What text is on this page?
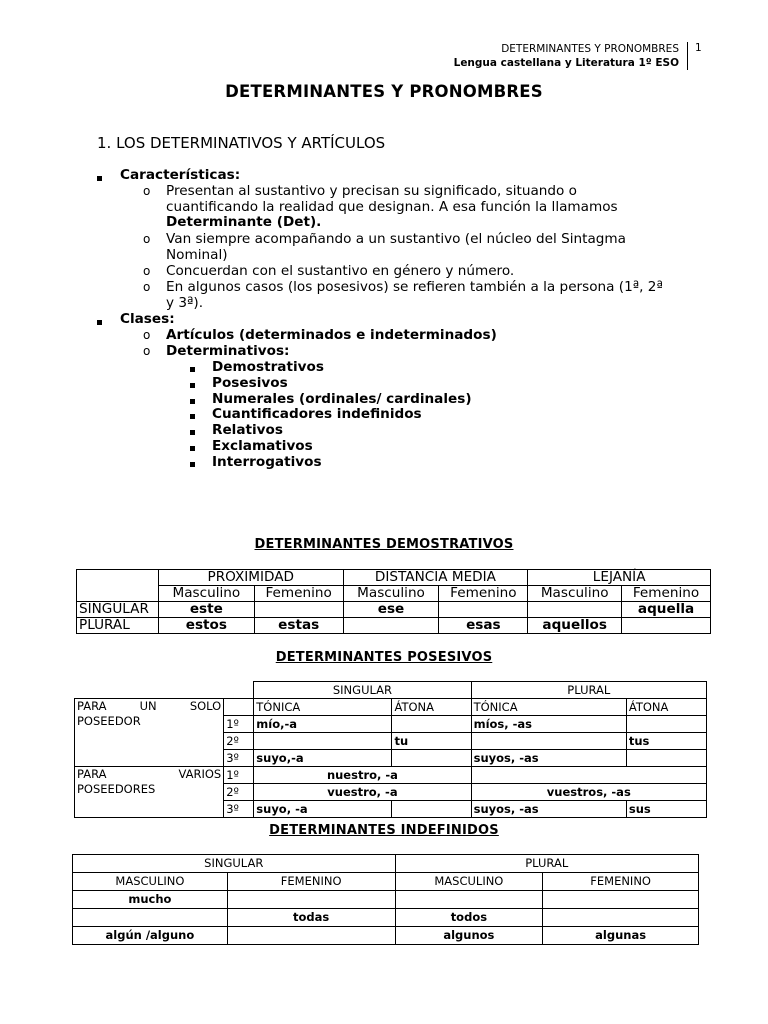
DETERMINANTES Y PRONOMBRES
Lengua castellana y Literatura 1º ESO
1
DETERMINANTES Y PRONOMBRES
1. LOS DETERMINATIVOS Y ARTÍCULOS
Características:
o Presentan al sustantivo y precisan su significado, situando o
cuantificando la realidad que designan. A esa función la llamamos
Determinante (Det).
o Van siempre acompañando a un sustantivo (el núcleo del Sintagma
Nominal)
o Concuerdan con el sustantivo en género y número.
o En algunos casos (los posesivos) se refieren también a la persona (1ª, 2ª
y 3ª).
Clases:
o Artículos (determinados e indeterminados)
o Determinativos:
Demostrativos
Posesivos
Numerales (ordinales/ cardinales)
Cuantificadores indefinidos
Relativos
Exclamativos
Interrogativos
DETERMINANTES DEMOSTRATIVOS
	PROXIMIDAD		DISTANCIA MEDIA		LEJANÍA	
	Masculino	Femenino	Masculino	Femenino	Masculino	Femenino
SINGULAR	este		ese			aquella
PLURAL	estos	estas		esas	aquellos	
DETERMINANTES POSESIVOS
		SINGULAR		PLURAL	

PARA UN SOLO
POSEEDOR		TÓNICA	ÁTONA	TÓNICA	ÁTONA
	1º	mío,-a		míos, -as	
	2º		tu		tus
	3º	suyo,-a		suyos, -as	

PARA VARIOS
POSEEDORES	1º	nuestro, -a			
	2º	vuestro, -a		vuestros, -as	
	3º	suyo, -a		suyos, -as	sus
DETERMINANTES INDEFINIDOS
SINGULAR		PLURAL	
MASCULINO	FEMENINO	MASCULINO	FEMENINO
mucho			
	todas	todos	
algún /alguno		algunos	algunas
